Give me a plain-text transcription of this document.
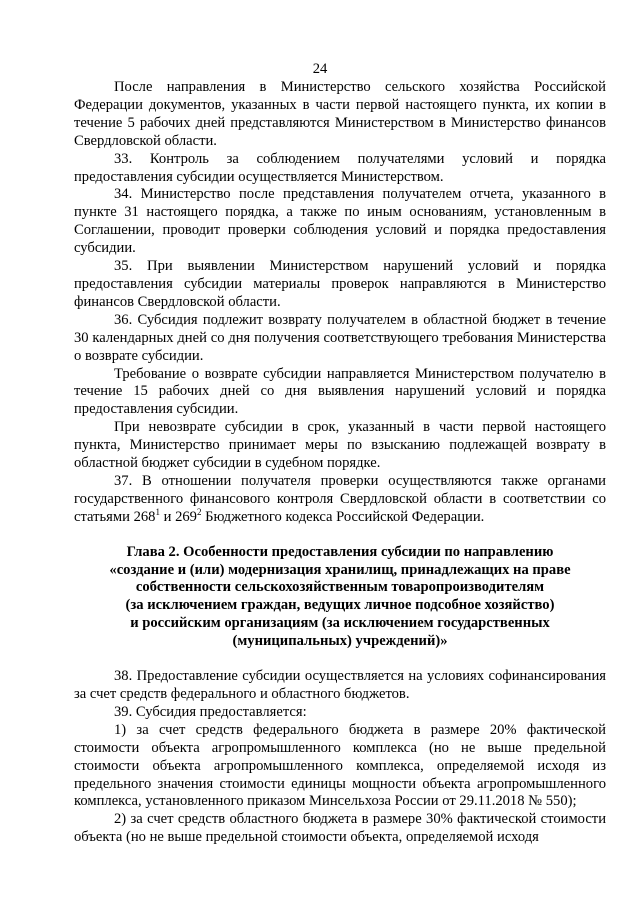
24

После направления в Министерство сельского хозяйства Российской Федерации документов, указанных в части первой настоящего пункта, их копии в течение 5 рабочих дней представляются Министерством в Министерство финансов Свердловской области.

33. Контроль за соблюдением получателями условий и порядка предоставления субсидии осуществляется Министерством.

34. Министерство после представления получателем отчета, указанного в пункте 31 настоящего порядка, а также по иным основаниям, установленным в Соглашении, проводит проверки соблюдения условий и порядка предоставления субсидии.

35. При выявлении Министерством нарушений условий и порядка предоставления субсидии материалы проверок направляются в Министерство финансов Свердловской области.

36. Субсидия подлежит возврату получателем в областной бюджет в течение 30 календарных дней со дня получения соответствующего требования Министерства о возврате субсидии.

Требование о возврате субсидии направляется Министерством получателю в течение 15 рабочих дней со дня выявления нарушений условий и порядка предоставления субсидии.

При невозврате субсидии в срок, указанный в части первой настоящего пункта, Министерство принимает меры по взысканию подлежащей возврату в областной бюджет субсидии в судебном порядке.

37. В отношении получателя проверки осуществляются также органами государственного финансового контроля Свердловской области в соответствии со статьями $268^1$ и $269^2$ Бюджетного кодекса Российской Федерации.

Глава 2. Особенности предоставления субсидии по направлению
«создание и (или) модернизация хранилищ, принадлежащих на праве
собственности сельскохозяйственным товаропроизводителям
(за исключением граждан, ведущих личное подсобное хозяйство)
и российским организациям (за исключением государственных
(муниципальных) учреждений)»

38. Предоставление субсидии осуществляется на условиях софинансирования за счет средств федерального и областного бюджетов.

39. Субсидия предоставляется:

1) за счет средств федерального бюджета в размере 20% фактической стоимости объекта агропромышленного комплекса (но не выше предельной стоимости объекта агропромышленного комплекса, определяемой исходя из предельного значения стоимости единицы мощности объекта агропромышленного комплекса, установленного приказом Минсельхоза России от 29.11.2018 № 550);

2) за счет средств областного бюджета в размере 30% фактической стоимости объекта (но не выше предельной стоимости объекта, определяемой исходя
